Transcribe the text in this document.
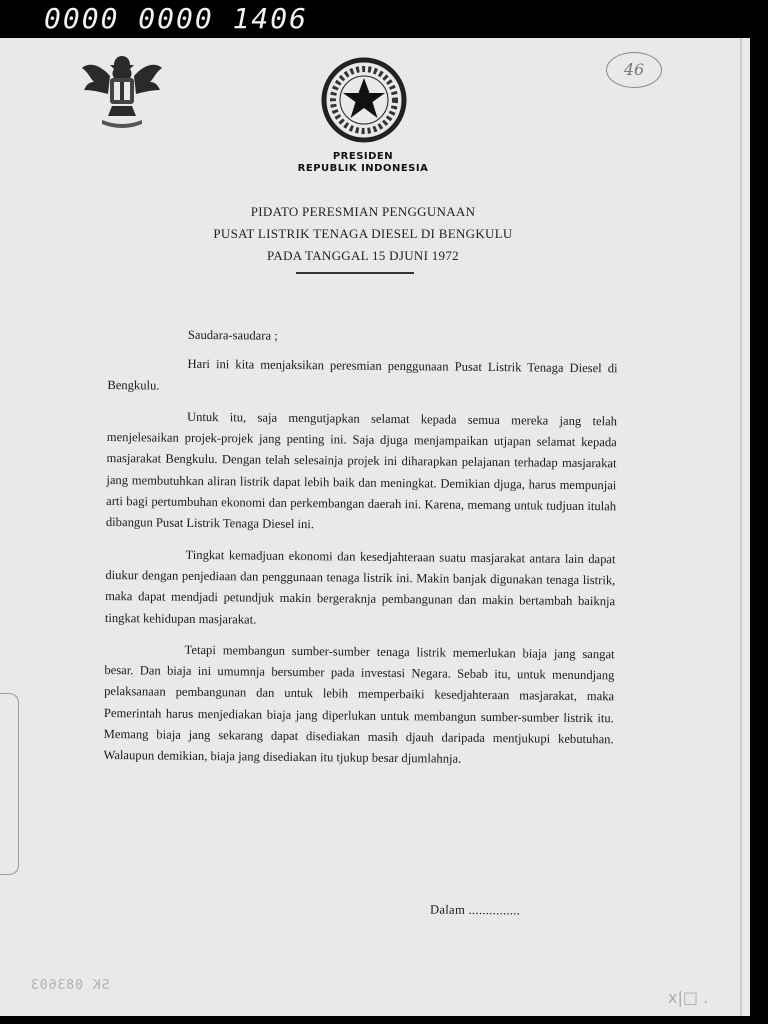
0000 0000 1406
46
PRESIDEN
REPUBLIK INDONESIA
PIDATO PERESMIAN PENGGUNAAN
PUSAT LISTRIK TENAGA DIESEL DI BENGKULU
PADA TANGGAL 15 DJUNI 1972

Saudara-saudara ;

Hari ini kita menjaksikan peresmian penggunaan Pusat Listrik Tenaga Diesel di Bengkulu.

Untuk itu, saja mengutjapkan selamat kepada semua mereka jang telah menjelesaikan projek-projek jang penting ini. Saja djuga menjampaikan utjapan selamat kepada masjarakat Bengkulu. Dengan telah selesainja projek ini diharapkan pelajanan terhadap masjarakat jang membutuhkan aliran listrik dapat lebih baik dan meningkat. Demikian djuga, harus mempunjai arti bagi pertumbuhan ekonomi dan perkembangan daerah ini. Karena, memang untuk tudjuan itulah dibangun Pusat Listrik Tenaga Diesel ini.

Tingkat kemadjuan ekonomi dan kesedjahteraan suatu masjarakat antara lain dapat diukur dengan penjediaan dan penggunaan tenaga listrik ini. Makin banjak digunakan tenaga listrik, maka dapat mendjadi petundjuk makin bergeraknja pembangunan dan makin bertambah baiknja tingkat kehidupan masjarakat.

Tetapi membangun sumber-sumber tenaga listrik memerlukan biaja jang sangat besar. Dan biaja ini umumnja bersumber pada investasi Negara. Sebab itu, untuk menundjang pelaksanaan pembangunan dan untuk lebih memperbaiki kesedjahteraan masjarakat, maka Pemerintah harus menjediakan biaja jang diperlukan untuk membangun sumber-sumber listrik itu. Memang biaja jang sekarang dapat disediakan masih djauh daripada mentjukupi kebutuhan. Walaupun demikian, biaja jang disediakan itu tjukup besar djumlahnja.

Dalam ...............
SK 083603
x|□ .
